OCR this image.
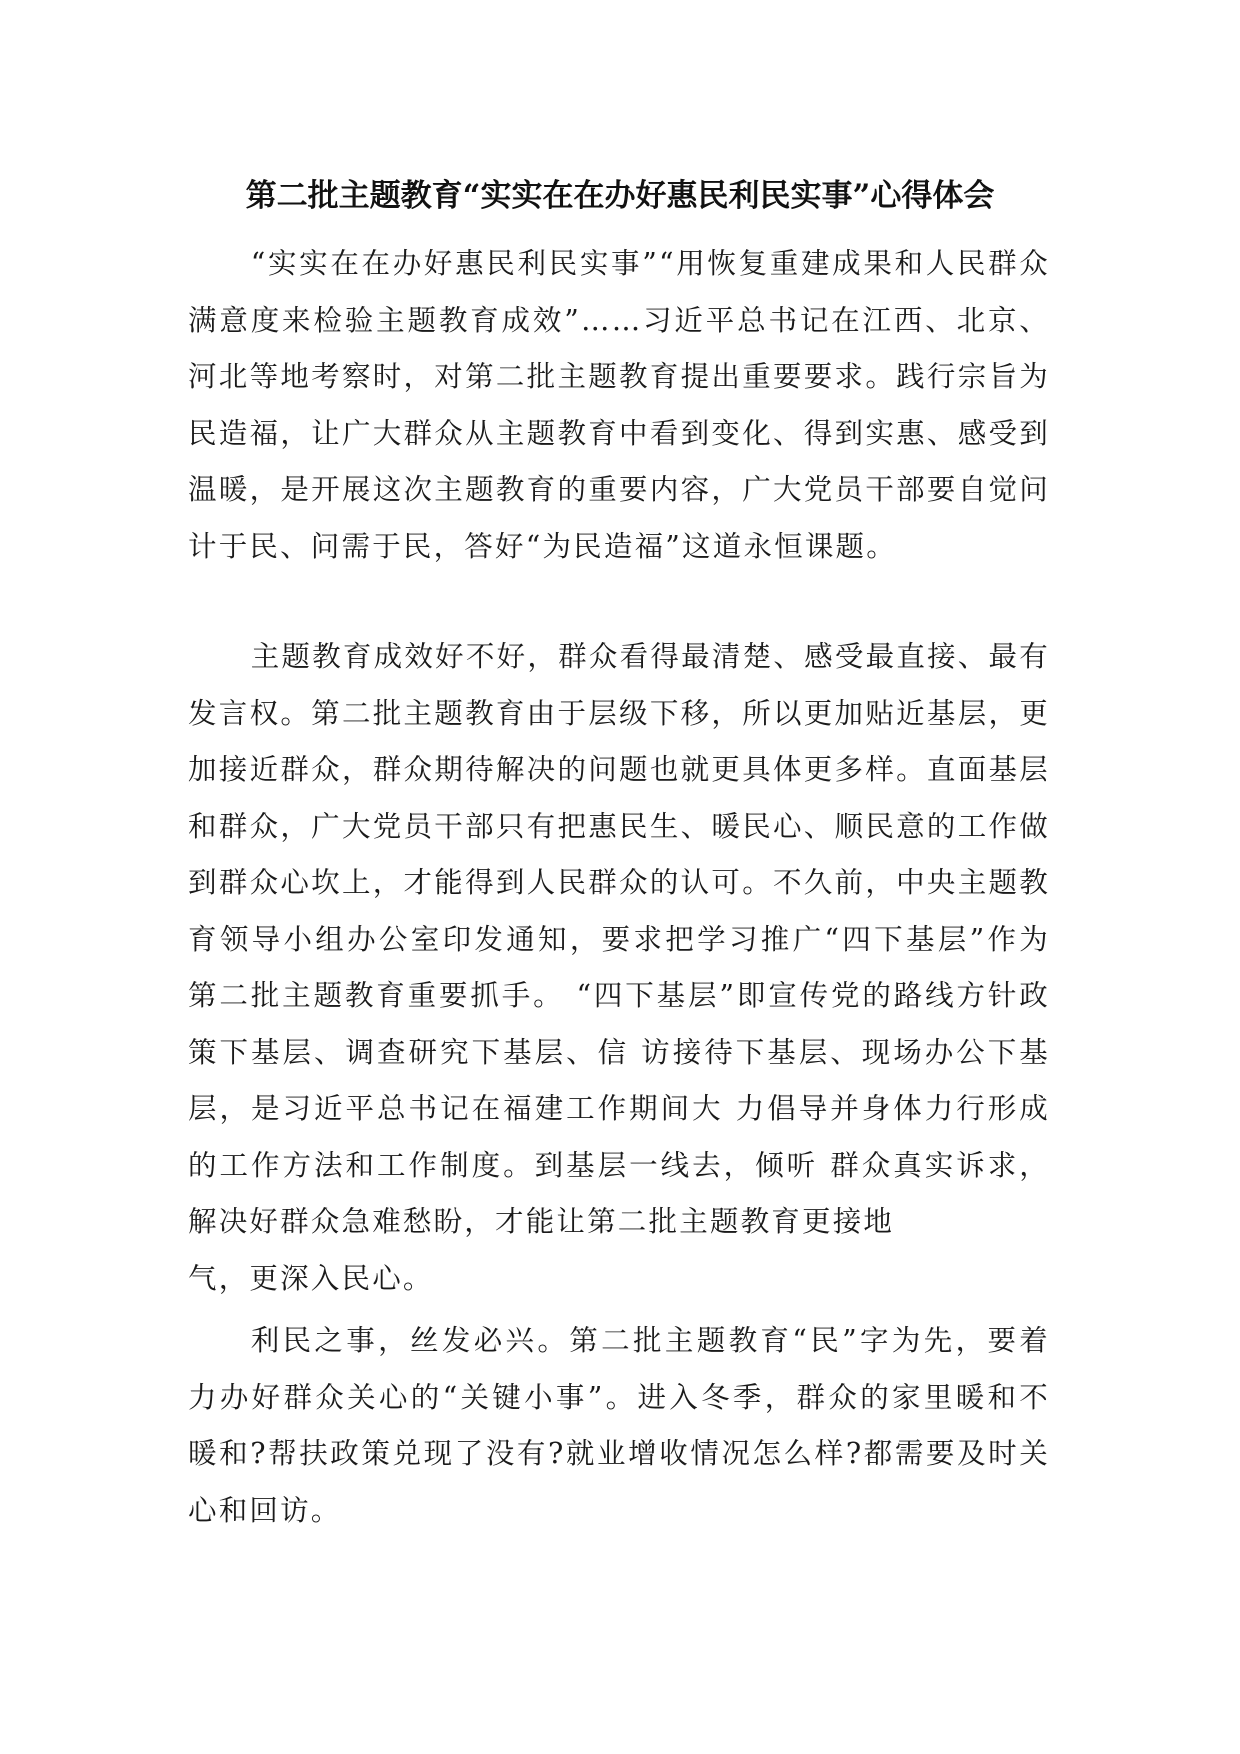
第二批主题教育“实实在在办好惠民利民实事”心得体会

“实实在在办好惠民利民实事”“用恢复重建成果和人民群众满意度来检验主题教育成效”……习近平总书记在江西、北京、河北等地考察时，对第二批主题教育提出重要要求。践行宗旨为民造福，让广大群众从主题教育中看到变化、得到实惠、感受到温暖，是开展这次主题教育的重要内容，广大党员干部要自觉问计于民、问需于民，答好“为民造福”这道永恒课题。

主题教育成效好不好，群众看得最清楚、感受最直接、最有发言权。第二批主题教育由于层级下移，所以更加贴近基层，更加接近群众，群众期待解决的问题也就更具体更多样。直面基层和群众，广大党员干部只有把惠民生、暖民心、顺民意的工作做到群众心坎上，才能得到人民群众的认可。不久前，中央主题教育领导小组办公室印发通知，要求把学习推广“四下基层”作为第二批主题教育重要抓手。 “四下基层”即宣传党的路线方针政策下基层、调查研究下基层、信 访接待下基层、现场办公下基层，是习近平总书记在福建工作期间大 力倡导并身体力行形成的工作方法和工作制度。到基层一线去，倾听 群众真实诉求，解决好群众急难愁盼，才能让第二批主题教育更接地
气，更深入民心。

利民之事，丝发必兴。第二批主题教育“民”字为先，要着力办好群众关心的“关键小事”。进入冬季，群众的家里暖和不暖和?帮扶政策兑现了没有?就业增收情况怎么样?都需要及时关心和回访。
